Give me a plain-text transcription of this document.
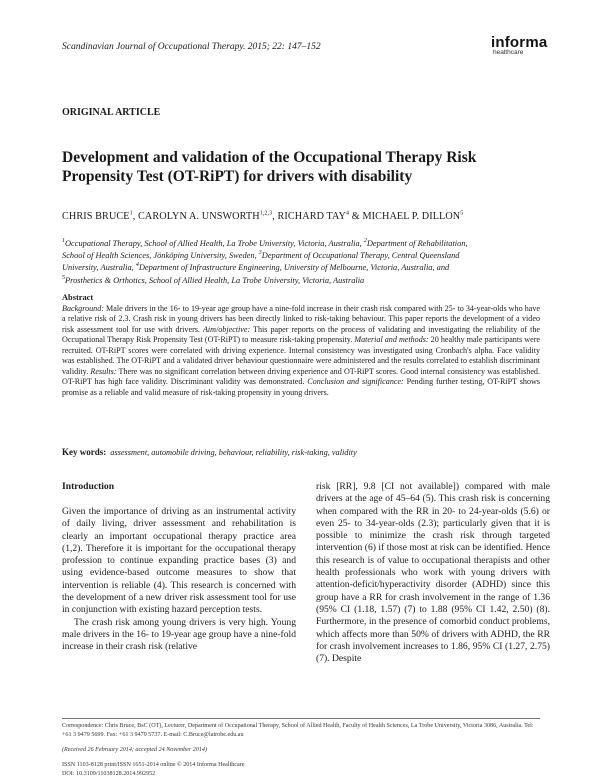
Scandinavian Journal of Occupational Therapy. 2015; 22: 147–152	informa
healthcare
ORIGINAL ARTICLE
Development and validation of the Occupational Therapy Risk
Propensity Test (OT-RiPT) for drivers with disability
CHRIS BRUCE$^1$, CAROLYN A. UNSWORTH$^{1,2,3}$, RICHARD TAY$^4$ & MICHAEL P. DILLON$^5$
$^1$Occupational Therapy, School of Allied Health, La Trobe University, Victoria, Australia, $^2$Department of Rehabilitation,
School of Health Sciences, Jönköping University, Sweden, $^3$Department of Occupational Therapy, Central Queensland
University, Australia, $^4$Department of Infrastructure Engineering, University of Melbourne, Victoria, Australia, and
$^5$Prosthetics & Orthotics, School of Allied Health, La Trobe University, Victoria, Australia
Abstract
Background: Male drivers in the 16- to 19-year age group have a nine-fold increase in their crash risk compared with 25- to 34-year-olds who have a relative risk of 2.3. Crash risk in young drivers has been directly linked to risk-taking behaviour. This paper reports the development of a video risk assessment tool for use with drivers. Aim/objective: This paper reports on the process of validating and investigating the reliability of the Occupational Therapy Risk Propensity Test (OT-RiPT) to measure risk-taking propensity. Material and methods: 20 healthy male participants were recruited. OT-RiPT scores were correlated with driving experience. Internal consistency was investigated using Cronbach's alpha. Face validity was established. The OT-RiPT and a validated driver behaviour questionnaire were administered and the results correlated to establish discriminant validity. Results: There was no significant correlation between driving experience and OT-RiPT scores. Good internal consistency was established. OT-RiPT has high face validity. Discriminant validity was demonstrated. Conclusion and significance: Pending further testing, OT-RiPT shows promise as a reliable and valid measure of risk-taking propensity in young drivers.
Key words: assessment, automobile driving, behaviour, reliability, risk-taking, validity
Introduction

Given the importance of driving as an instrumental activity of daily living, driver assessment and rehabilitation is clearly an important occupational therapy practice area (1,2). Therefore it is important for the occupational therapy profession to continue expanding practice bases (3) and using evidence-based outcome measures to show that intervention is reliable (4). This research is concerned with the development of a new driver risk assessment tool for use in conjunction with existing hazard perception tests.

The crash risk among young drivers is very high. Young male drivers in the 16- to 19-year age group have a nine-fold increase in their crash risk (relative

risk [RR], 9.8 [CI not available]) compared with male drivers at the age of 45–64 (5). This crash risk is concerning when compared with the RR in 20- to 24-year-olds (5.6) or even 25- to 34-year-olds (2.3); particularly given that it is possible to minimize the crash risk through targeted intervention (6) if those most at risk can be identified. Hence this research is of value to occupational therapists and other health professionals who work with young drivers with attention-deficit/hyperactivity disorder (ADHD) since this group have a RR for crash involvement in the range of 1.36 (95% CI (1.18, 1.57) (7) to 1.88 (95% CI 1.42, 2.50) (8). Furthermore, in the presence of comorbid conduct problems, which affects more than 50% of drivers with ADHD, the RR for crash involvement increases to 1.86, 95% CI (1.27, 2.75) (7). Despite

Correspondence: Chris Bruce, BsC (OT), Lecturer, Department of Occupational Therapy, School of Allied Health, Faculty of Health Sciences, La Trobe University, Victoria 3086, Australia. Tel: +61 3 9479 5699. Fax: +61 3 9479 5737. E-mail: C.Bruce@latrobe.edu.au
(Received 26 February 2014; accepted 24 November 2014)
ISSN 1103-8128 print/ISSN 1651-2014 online © 2014 Informa Healthcare
DOI: 10.3109/11038128.2014.992952
